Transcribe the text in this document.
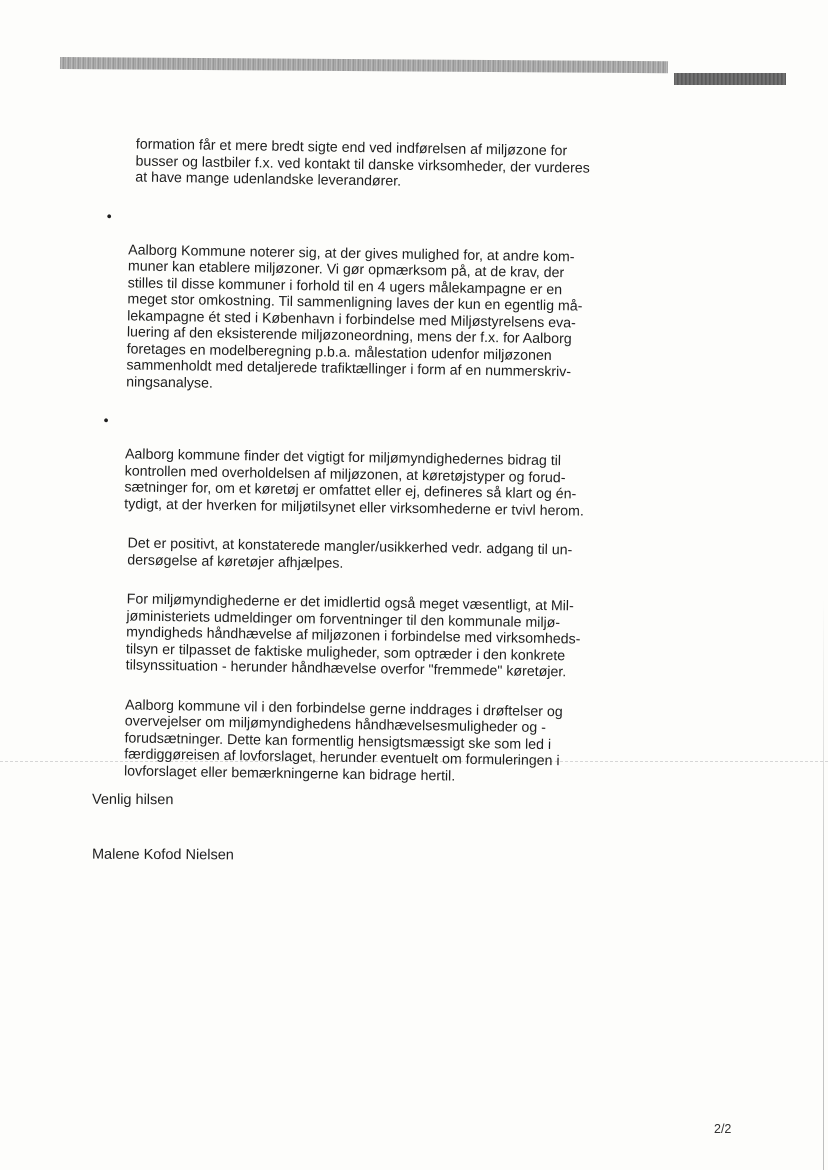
formation får et mere bredt sigte end ved indførelsen af miljøzone for
busser og lastbiler f.x. ved kontakt til danske virksomheder, der vurderes
at have mange udenlandske leverandører.

•

Aalborg Kommune noterer sig, at der gives mulighed for, at andre kom-
muner kan etablere miljøzoner. Vi gør opmærksom på, at de krav, der
stilles til disse kommuner i forhold til en 4 ugers målekampagne er en
meget stor omkostning. Til sammenligning laves der kun en egentlig må-
lekampagne ét sted i København i forbindelse med Miljøstyrelsens eva-
luering af den eksisterende miljøzoneordning, mens der f.x. for Aalborg
foretages en modelberegning p.b.a. målestation udenfor miljøzonen
sammenholdt med detaljerede trafiktællinger i form af en nummerskriv-
ningsanalyse.

•

Aalborg kommune finder det vigtigt for miljømyndighedernes bidrag til
kontrollen med overholdelsen af miljøzonen, at køretøjstyper og forud-
sætninger for, om et køretøj er omfattet eller ej, defineres så klart og én-
tydigt, at der hverken for miljøtilsynet eller virksomhederne er tvivl herom.

Det er positivt, at konstaterede mangler/usikkerhed vedr. adgang til un-
dersøgelse af køretøjer afhjælpes.

For miljømyndighederne er det imidlertid også meget væsentligt, at Mil-
jøministeriets udmeldinger om forventninger til den kommunale miljø-
myndigheds håndhævelse af miljøzonen i forbindelse med virksomheds-
tilsyn er tilpasset de faktiske muligheder, som optræder i den konkrete
tilsynssituation - herunder håndhævelse overfor "fremmede" køretøjer.

Aalborg kommune vil i den forbindelse gerne inddrages i drøftelser og
overvejelser om miljømyndighedens håndhævelsesmuligheder og -
forudsætninger. Dette kan formentlig hensigtsmæssigt ske som led i
færdiggøreisen af lovforslaget, herunder eventuelt om formuleringen i
lovforslaget eller bemærkningerne kan bidrage hertil.

Venlig hilsen
Malene Kofod Nielsen
2/2
